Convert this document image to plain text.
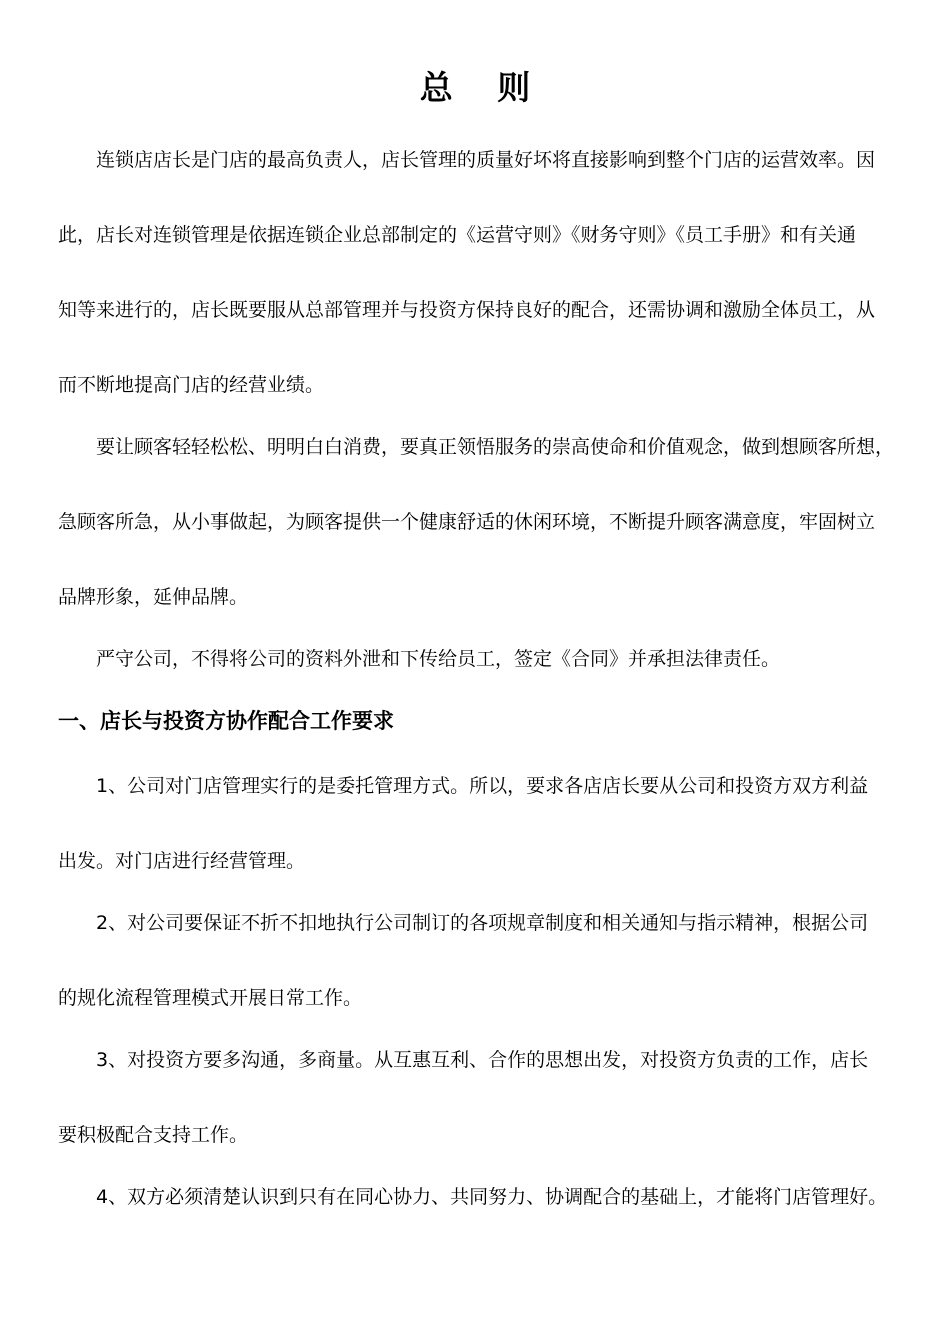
总 则
连锁店店长是门店的最高负责人，店长管理的质量好坏将直接影响到整个门店的运营效率。因
此，店长对连锁管理是依据连锁企业总部制定的《运营守则》《财务守则》《员工手册》和有关通
知等来进行的，店长既要服从总部管理并与投资方保持良好的配合，还需协调和激励全体员工，从
而不断地提高门店的经营业绩。
要让顾客轻轻松松、明明白白消费，要真正领悟服务的崇高使命和价值观念，做到想顾客所想，
急顾客所急，从小事做起，为顾客提供一个健康舒适的休闲环境，不断提升顾客满意度，牢固树立
品牌形象，延伸品牌。
严守公司，不得将公司的资料外泄和下传给员工，签定《合同》并承担法律责任。
一、店长与投资方协作配合工作要求
1、公司对门店管理实行的是委托管理方式。所以，要求各店店长要从公司和投资方双方利益
出发。对门店进行经营管理。
2、对公司要保证不折不扣地执行公司制订的各项规章制度和相关通知与指示精神，根据公司
的规化流程管理模式开展日常工作。
3、对投资方要多沟通，多商量。从互惠互利、合作的思想出发，对投资方负责的工作，店长
要积极配合支持工作。
4、双方必须清楚认识到只有在同心协力、共同努力、协调配合的基础上，才能将门店管理好。
